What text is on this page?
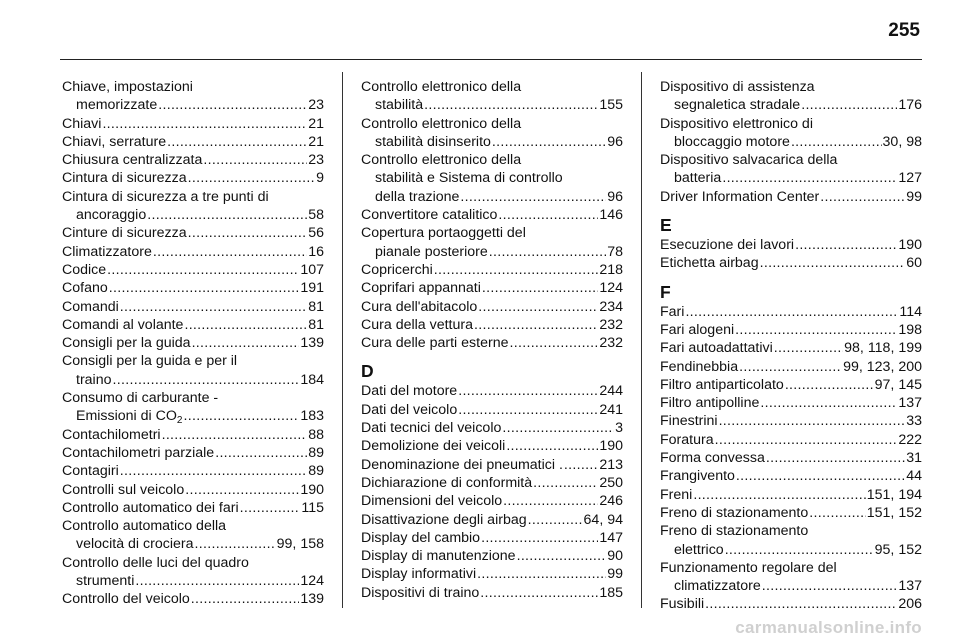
255
Chiave, impostazioni
memorizzate .....	23
Chiavi .....	21
Chiavi, serrature .....	21
Chiusura centralizzata .....	23
Cintura di sicurezza .....	9
Cintura di sicurezza a tre punti di
ancoraggio .....	58
Cinture di sicurezza .....	56
Climatizzatore .....	16
Codice .....	107
Cofano .....	191
Comandi .....	81
Comandi al volante .....	81
Consigli per la guida .....	139
Consigli per la guida e per il
traino .....	184
Consumo di carburante -
Emissioni di $CO_2$ .....	183
Contachilometri .....	88
Contachilometri parziale .....	89
Contagiri .....	89
Controlli sul veicolo .....	190
Controllo automatico dei fari .....	115
Controllo automatico della
velocità di crociera .....	99, 158
Controllo delle luci del quadro
strumenti .....	124
Controllo del veicolo .....	139
Controllo elettronico della
stabilità .....	155
Controllo elettronico della
stabilità disinserito .....	96
Controllo elettronico della
stabilità e Sistema di controllo
della trazione .....	96
Convertitore catalitico .....	146
Copertura portaoggetti del
pianale posteriore .....	78
Copricerchi .....	218
Coprifari appannati .....	124
Cura dell'abitacolo .....	234
Cura della vettura .....	232
Cura delle parti esterne .....	232
D
Dati del motore .....	244
Dati del veicolo .....	241
Dati tecnici del veicolo .....	3
Demolizione dei veicoli .....	190
Denominazione dei pneumatici . .....	213
Dichiarazione di conformità .....	250
Dimensioni del veicolo .....	246
Disattivazione degli airbag .....	64, 94
Display del cambio .....	147
Display di manutenzione .....	90
Display informativi .....	99
Dispositivi di traino .....	185
Dispositivo di assistenza
segnaletica stradale .....	176
Dispositivo elettronico di
bloccaggio motore .....	30, 98
Dispositivo salvacarica della
batteria .....	127
Driver Information Center .....	99
E
Esecuzione dei lavori .....	190
Etichetta airbag .....	60
F
Fari .....	114
Fari alogeni .....	198
Fari autoadattativi .....	98, 118, 199
Fendinebbia .....	99, 123, 200
Filtro antiparticolato .....	97, 145
Filtro antipolline .....	137
Finestrini .....	33
Foratura .....	222
Forma convessa .....	31
Frangivento .....	44
Freni .....	151, 194
Freno di stazionamento .....	151, 152
Freno di stazionamento
elettrico .....	95, 152
Funzionamento regolare del
climatizzatore .....	137
Fusibili .....	206
carmanualsonline.info
